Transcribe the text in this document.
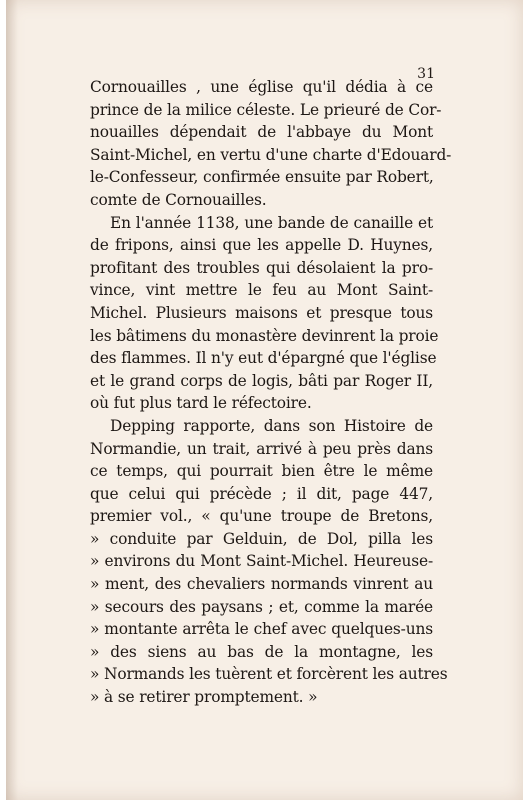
31
Cornouailles , une église qu'il dédia à ce
prince de la milice céleste. Le prieuré de Cor-
nouailles dépendait de l'abbaye du Mont
Saint-Michel, en vertu d'une charte d'Edouard-
le-Confesseur, confirmée ensuite par Robert,
comte de Cornouailles.
En l'année 1138, une bande de canaille et
de fripons, ainsi que les appelle D. Huynes,
profitant des troubles qui désolaient la pro-
vince, vint mettre le feu au Mont Saint-
Michel. Plusieurs maisons et presque tous
les bâtimens du monastère devinrent la proie
des flammes. Il n'y eut d'épargné que l'église
et le grand corps de logis, bâti par Roger II,
où fut plus tard le réfectoire.
Depping rapporte, dans son Histoire de
Normandie, un trait, arrivé à peu près dans
ce temps, qui pourrait bien être le même
que celui qui précède ; il dit, page 447,
premier vol., « qu'une troupe de Bretons,
» conduite par Gelduin, de Dol, pilla les
» environs du Mont Saint-Michel. Heureuse-
» ment, des chevaliers normands vinrent au
» secours des paysans ; et, comme la marée
» montante arrêta le chef avec quelques-uns
» des siens au bas de la montagne, les
» Normands les tuèrent et forcèrent les autres
» à se retirer promptement. »
